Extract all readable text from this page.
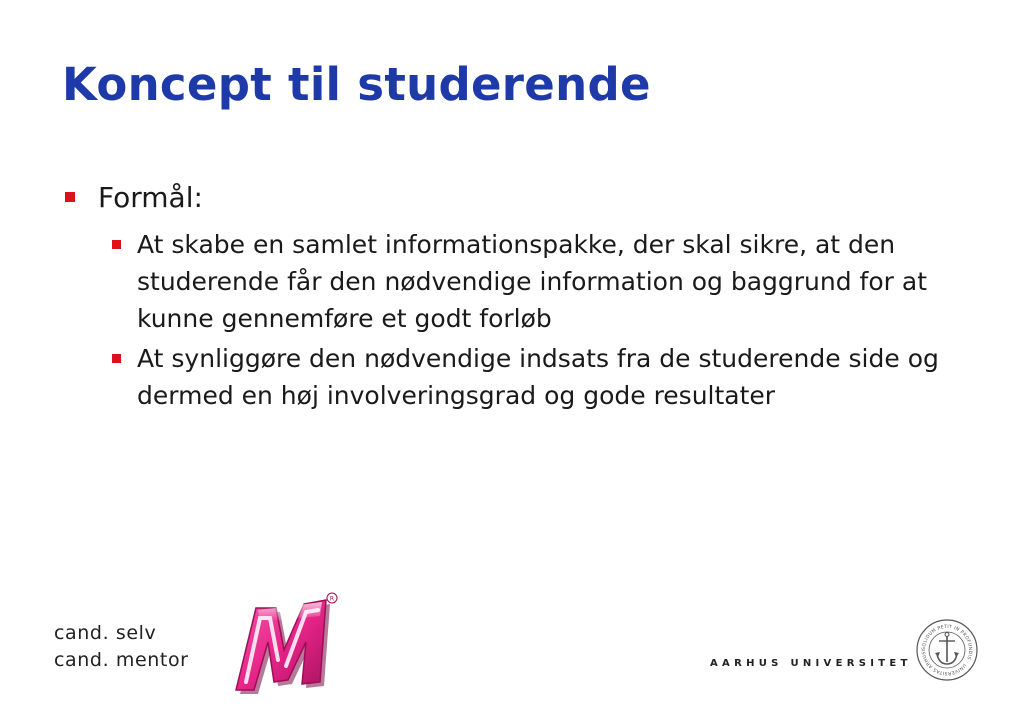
Koncept til studerende
Formål:
At skabe en samlet informationspakke, der skal sikre, at den studerende får den nødvendige information og baggrund for at kunne gennemføre et godt forløb
At synliggøre den nødvendige indsats fra de studerende side og dermed en høj involveringsgrad og gode resultater
cand. selv
cand. mentor
R
AARHUS UNIVERSITET
SOLIDUM PETIT IN PROFUNDIS · UNIVERSITAS ARHUSI
